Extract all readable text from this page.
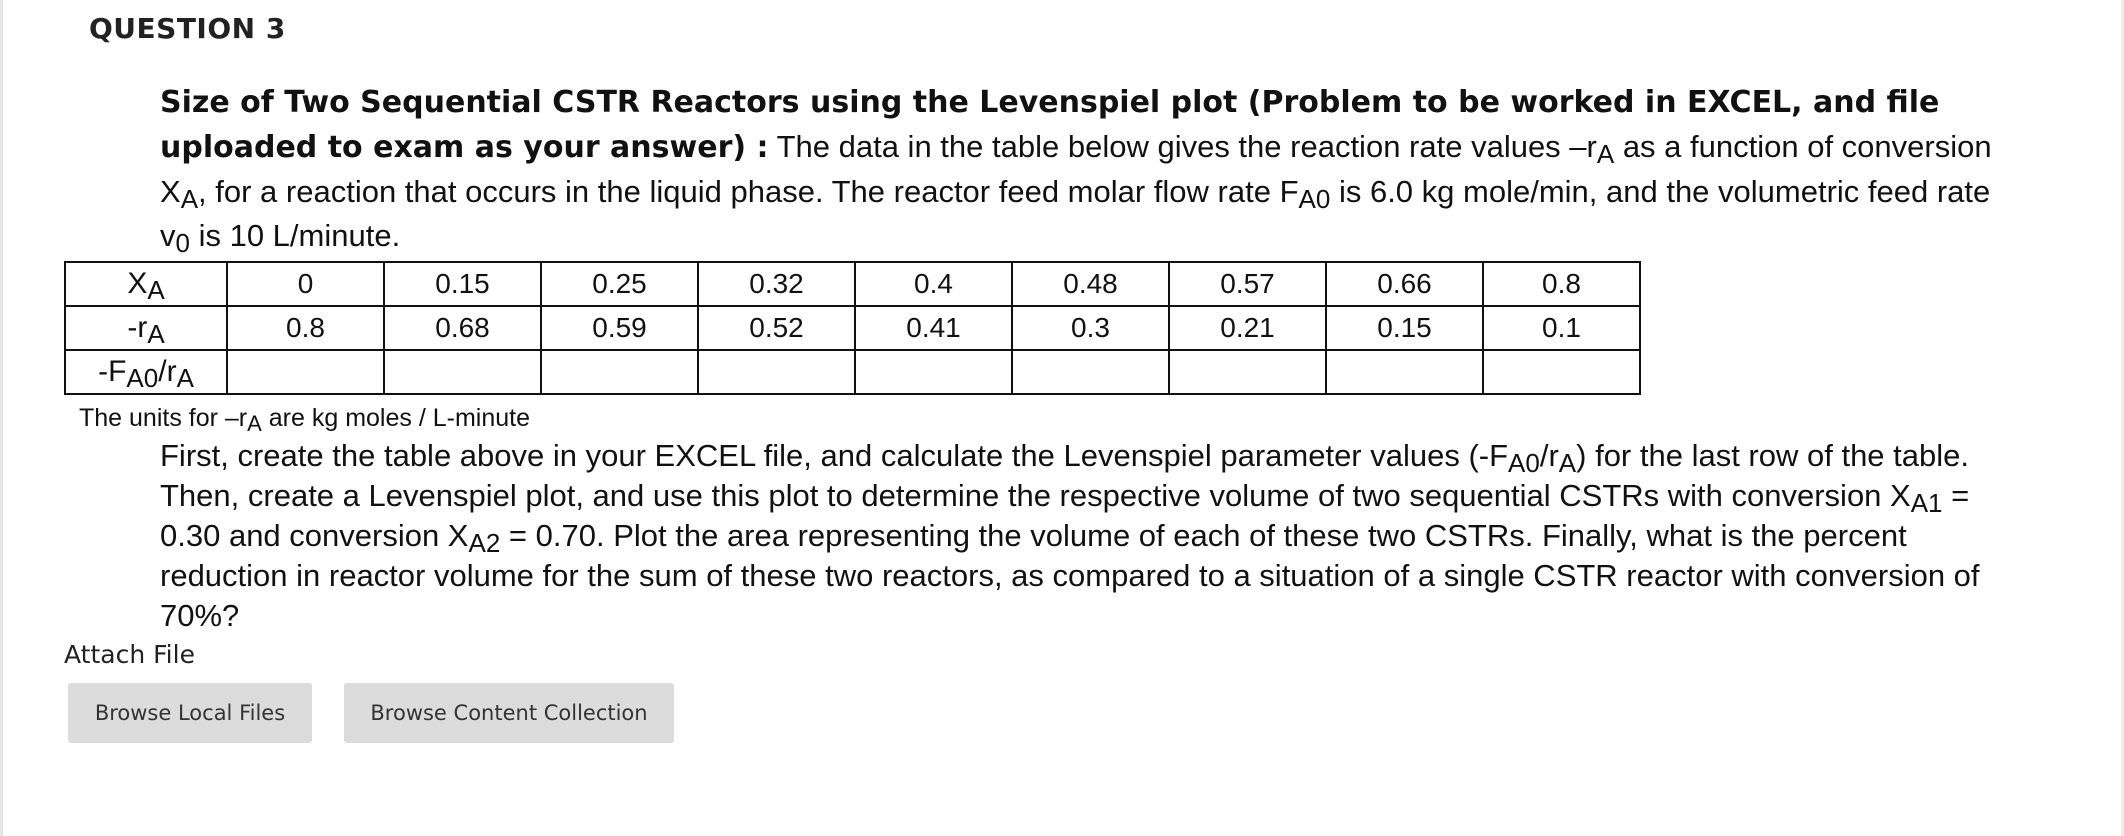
QUESTION 3
Size of Two Sequential CSTR Reactors using the Levenspiel plot (Problem to be worked in EXCEL, and file uploaded to exam as your answer) : The data in the table below gives the reaction rate values $-r_A$ as a function of conversion $X_A$, for a reaction that occurs in the liquid phase. The reactor feed molar flow rate $F_{A0}$ is 6.0 kg mole/min, and the volumetric feed rate $v_0$ is 10 L/minute.
$X_A$	0	0.15	0.25	0.32	0.4	0.48	0.57	0.66	0.8
$-r_A$	0.8	0.68	0.59	0.52	0.41	0.3	0.21	0.15	0.1
$-F_{A0}/r_A$									
The units for $-r_A$ are kg moles / L-minute
First, create the table above in your EXCEL file, and calculate the Levenspiel parameter values $(-F_{A0}/r_A)$ for the last row of the table. Then, create a Levenspiel plot, and use this plot to determine the respective volume of two sequential CSTRs with conversion $X_{A1} = 0.30$ and conversion $X_{A2} = 0.70$. Plot the area representing the volume of each of these two CSTRs. Finally, what is the percent reduction in reactor volume for the sum of these two reactors, as compared to a situation of a single CSTR reactor with conversion of 70%?
Attach File
Browse Local Files	Browse Content Collection
